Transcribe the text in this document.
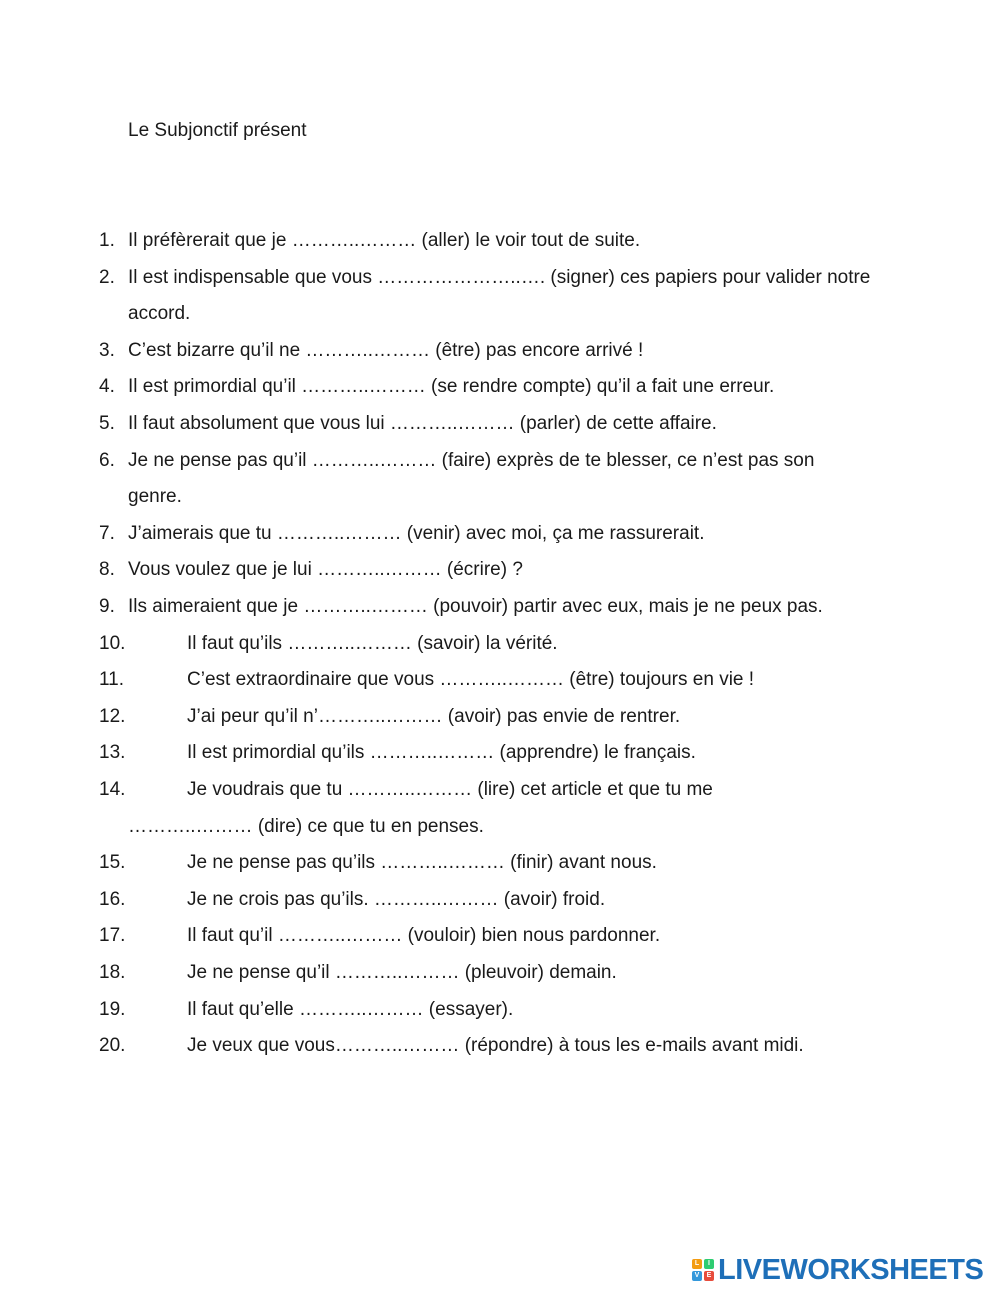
Le Subjonctif présent
1. Il préfèrerait que je ………..……… (aller) le voir tout de suite.
2. Il est indispensable que vous …………………..…. (signer) ces papiers pour valider notre
accord.
3. C’est bizarre qu’il ne ………..……… (être) pas encore arrivé !
4. Il est primordial qu’il ………..……… (se rendre compte) qu’il a fait une erreur.
5. Il faut absolument que vous lui ………..……… (parler) de cette affaire.
6. Je ne pense pas qu’il ………..……… (faire) exprès de te blesser, ce n’est pas son
genre.
7. J’aimerais que tu ………..……… (venir) avec moi, ça me rassurerait.
8. Vous voulez que je lui ………..……… (écrire) ?
9. Ils aimeraient que je ………..……… (pouvoir) partir avec eux, mais je ne peux pas.
10.	Il faut qu’ils ………..……… (savoir) la vérité.
11.	C’est extraordinaire que vous ………..……… (être) toujours en vie !
12.	J’ai peur qu’il n’………..……… (avoir) pas envie de rentrer.
13.	Il est primordial qu’ils ………..……… (apprendre) le français.
14.	Je voudrais que tu ………..……… (lire) cet article et que tu me
………..……… (dire) ce que tu en penses.
15.	Je ne pense pas qu’ils ………..……… (finir) avant nous.
16.	Je ne crois pas qu’ils. ………..……… (avoir) froid.
17.	Il faut qu’il ………..……… (vouloir) bien nous pardonner.
18.	Je ne pense qu’il ………..……… (pleuvoir) demain.
19.	Il faut qu’elle ………..……… (essayer).
20.	Je veux que vous………..……… (répondre) à tous les e-mails avant midi.
L	I
V	E LIVEWORKSHEETS
